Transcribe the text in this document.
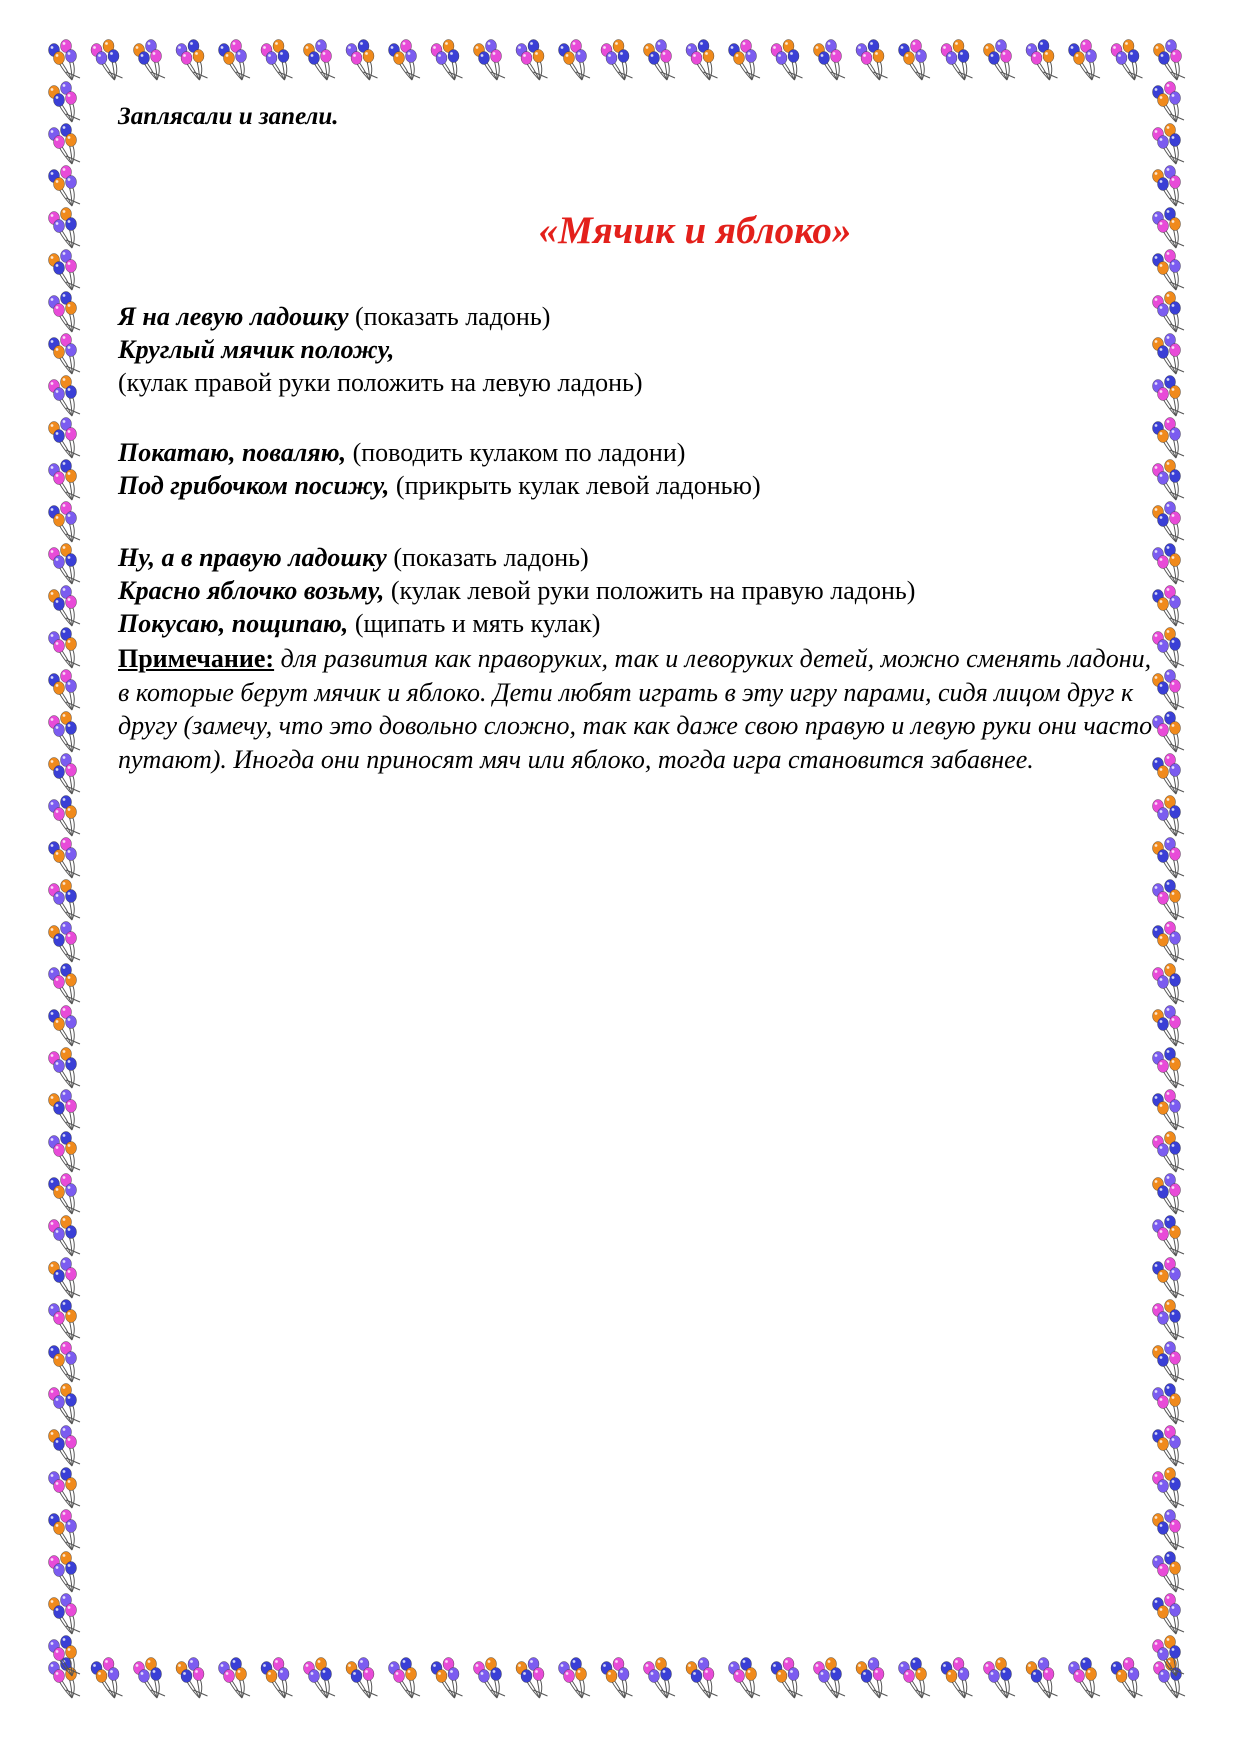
Заплясали и запели.

«Мячик и яблоко»

Я на левую ладошку (показать ладонь)

Круглый мячик положу,

(кулак правой руки положить на левую ладонь)

Покатаю, поваляю, (поводить кулаком по ладони)

Под грибочком посижу, (прикрыть кулак левой ладонью)

Ну, а в правую ладошку (показать ладонь)

Красно яблочко возьму, (кулак левой руки положить на правую ладонь)

Покусаю, пощипаю, (щипать и мять кулак)

Примечание: для развития как праворуких, так и леворуких детей, можно сменять ладони, в которые берут мячик и яблоко. Дети любят играть в эту игру парами, сидя лицом друг к другу (замечу, что это довольно сложно, так как даже свою правую и левую руки они часто путают). Иногда они приносят мяч или яблоко, тогда игра становится забавнее.
